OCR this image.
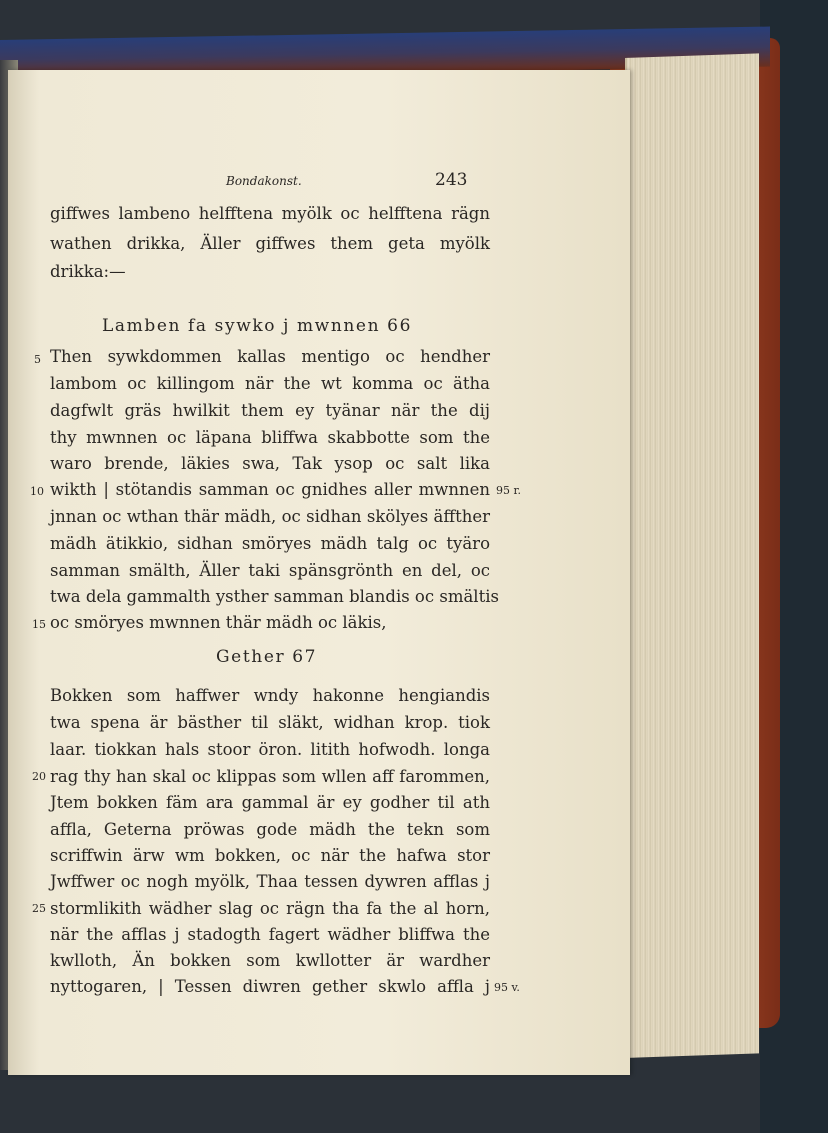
Bondakonst.	243
giffwes lambeno helfftena myölk oc helfftena rägn
wathen drikka, Äller giffwes them geta myölk
drikka:—
Lamben fa sywko j mwnnen 66
Then sywkdommen kallas mentigo oc hendher
lambom oc killingom när the wt komma oc ätha
dagfwlt gräs hwilkit them ey tyänar när the dij
thy mwnnen oc läpana bliffwa skabbotte som the
waro brende, läkies swa, Tak ysop oc salt lika
wikth | stötandis samman oc gnidhes aller mwnnen
jnnan oc wthan thär mädh, oc sidhan skölyes äffther
mädh ätikkio, sidhan smöryes mädh talg oc tyäro
samman smälth, Äller taki spänsgrönth en del, oc
twa dela gammalth ysther samman blandis oc smältis
oc smöryes mwnnen thär mädh oc läkis,
Gether 67
Bokken som haffwer wndy hakonne hengiandis
twa spena är bästher til släkt, widhan krop. tiok
laar. tiokkan hals stoor öron. litith hofwodh. longa
rag thy han skal oc klippas som wllen aff farommen,
Jtem bokken fäm ara gammal är ey godher til ath
affla, Geterna pröwas gode mädh the tekn som
scriffwin ärw wm bokken, oc när the hafwa stor
Jwffwer oc nogh myölk, Thaa tessen dywren afflas j
stormlikith wädher slag oc rägn tha fa the al horn,
när the afflas j stadogth fagert wädher bliffwa the
kwlloth, Än bokken som kwllotter är wardher
nyttogaren, | Tessen diwren gether skwlo affla j
5
10
15
20
25
95 r.
95 v.
